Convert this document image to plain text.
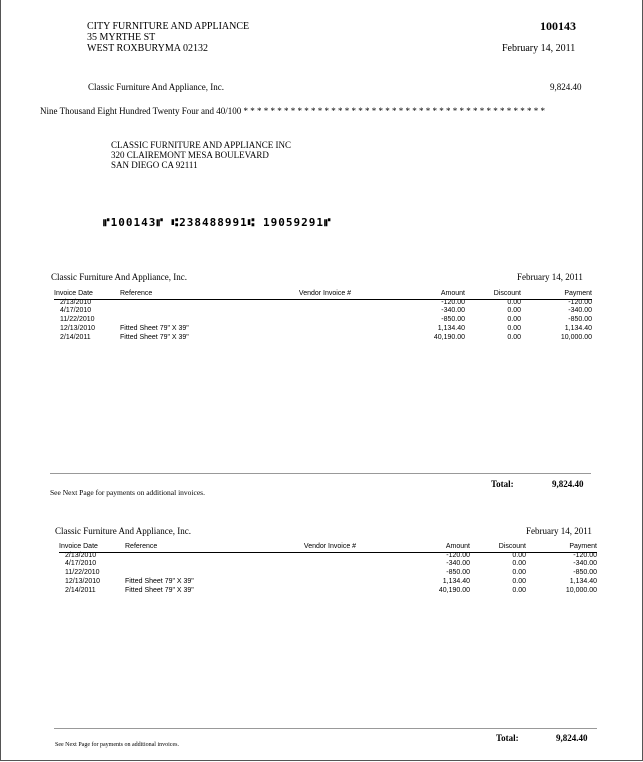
CITY FURNITURE AND APPLIANCE
35 MYRTHE ST
WEST ROXBURYMA 02132
100143
February 14, 2011
Classic Furniture And Appliance, Inc.	9,824.40
Nine Thousand Eight Hundred Twenty Four and 40/100 * * * * * * * * * * * * * * * * * * * * * * * * * * * * * * * * * * * * * * * * * * * * *
CLASSIC FURNITURE AND APPLIANCE INC
320 CLAIREMONT MESA BOULEVARD
SAN DIEGO CA 92111
⑈100143⑈ ⑆238488991⑆ 19059291⑈
Classic Furniture And Appliance, Inc.	February 14, 2011
Invoice Date	Reference	Vendor Invoice #	Amount	Discount	Payment
2/13/2010			-120.00	0.00	-120.00
4/17/2010			-340.00	0.00	-340.00
11/22/2010			-850.00	0.00	-850.00
12/13/2010	Fitted Sheet 79" X 39"		1,134.40	0.00	1,134.40
2/14/2011	Fitted Sheet 79" X 39"		40,190.00	0.00	10,000.00
Total:	9,824.40
See Next Page for payments on additional invoices.
Classic Furniture And Appliance, Inc.	February 14, 2011
Invoice Date	Reference	Vendor Invoice #	Amount	Discount	Payment
2/13/2010			-120.00	0.00	-120.00
4/17/2010			-340.00	0.00	-340.00
11/22/2010			-850.00	0.00	-850.00
12/13/2010	Fitted Sheet 79" X 39"		1,134.40	0.00	1,134.40
2/14/2011	Fitted Sheet 79" X 39"		40,190.00	0.00	10,000.00
Total:	9,824.40
See Next Page for payments on additional invoices.
